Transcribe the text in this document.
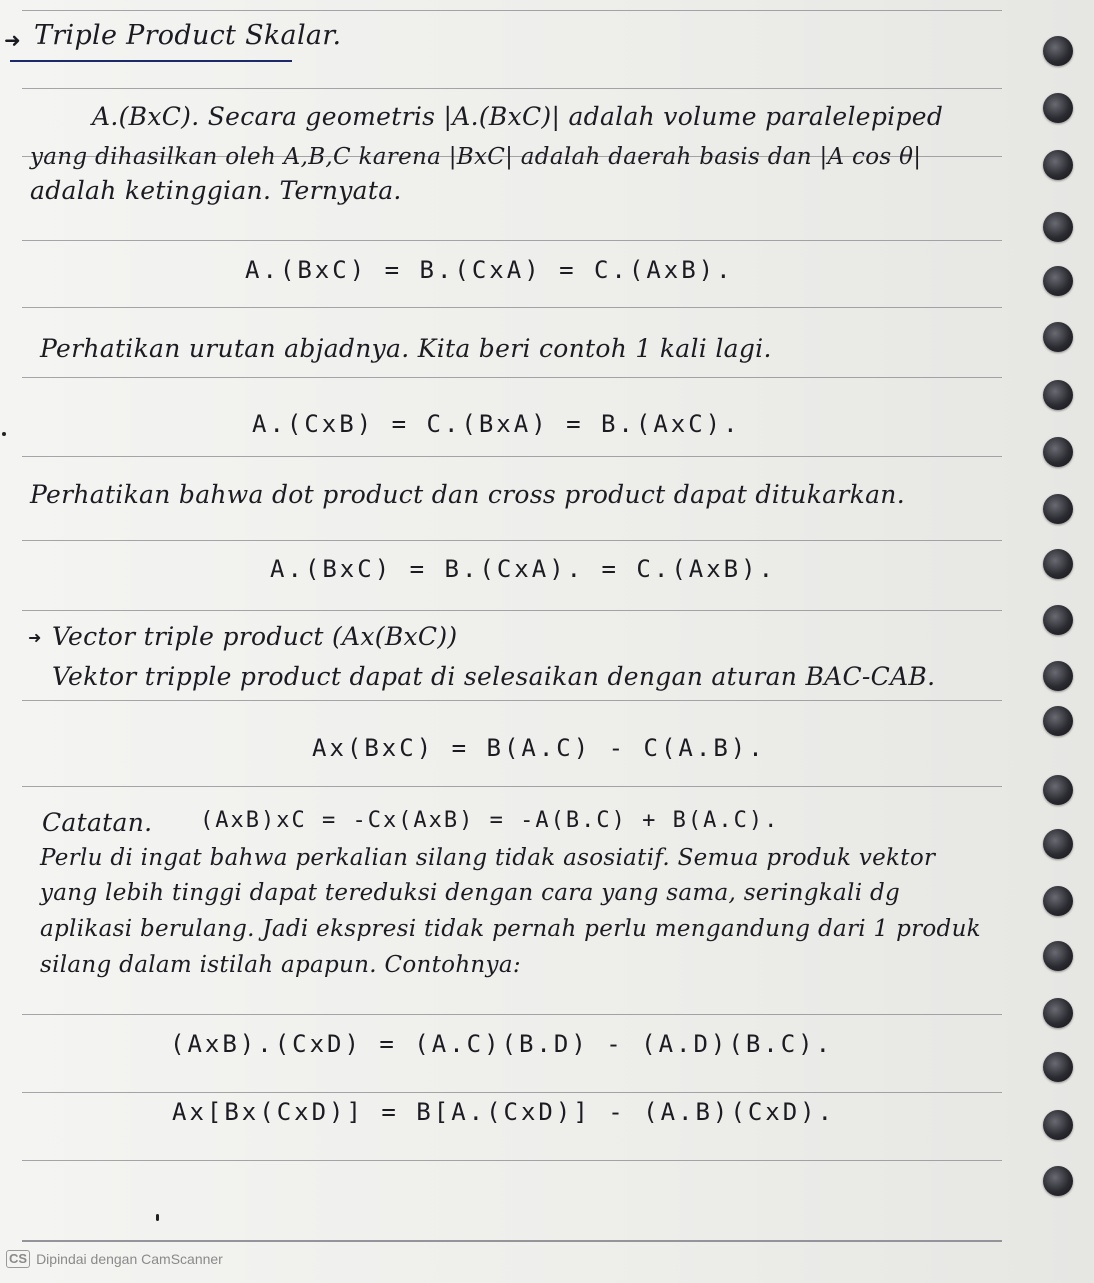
➜ Triple Product Skalar.
A.(BxC). Secara geometris |A.(BxC)| adalah volume paralelepiped
yang dihasilkan oleh A,B,C karena |BxC| adalah daerah basis dan |A cos θ|
adalah ketinggian. Ternyata.
A.(BxC) = B.(CxA) = C.(AxB).
Perhatikan urutan abjadnya. Kita beri contoh 1 kali lagi.
A.(CxB) = C.(BxA) = B.(AxC).
Perhatikan bahwa dot product dan cross product dapat ditukarkan.
A.(BxC) = B.(CxA). = C.(AxB).
➜ Vector triple product (Ax(BxC))
Vektor tripple product dapat di selesaikan dengan aturan BAC-CAB.
Ax(BxC) = B(A.C) - C(A.B).
Catatan. (AxB)xC = -Cx(AxB) = -A(B.C) + B(A.C).
Perlu di ingat bahwa perkalian silang tidak asosiatif. Semua produk vektor
yang lebih tinggi dapat tereduksi dengan cara yang sama, seringkali dg
aplikasi berulang. Jadi ekspresi tidak pernah perlu mengandung dari 1 produk
silang dalam istilah apapun. Contohnya:
(AxB).(CxD) = (A.C)(B.D) - (A.D)(B.C).
Ax[Bx(CxD)] = B[A.(CxD)] - (A.B)(CxD).
CS Dipindai dengan CamScanner
